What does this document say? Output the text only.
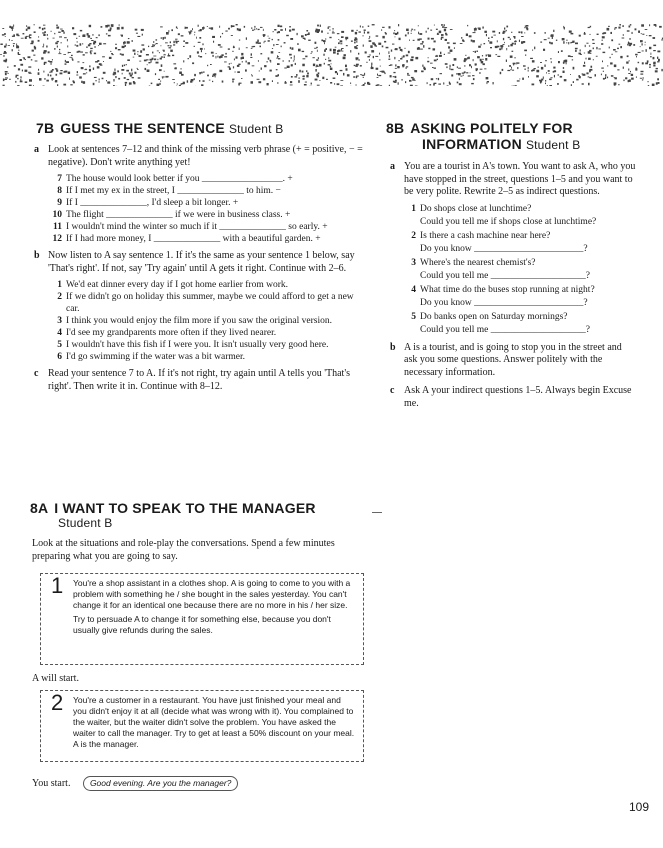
7B GUESS THE SENTENCE Student B
a Look at sentences 7–12 and think of the missing verb phrase (+ = positive, − = negative). Don't write anything yet!
7 The house would look better if you _________________. +
8 If I met my ex in the street, I ______________ to him. −
9 If I ______________, I'd sleep a bit longer. +
10 The flight ______________ if we were in business class. +
11 I wouldn't mind the winter so much if it ______________ so early. +
12 If I had more money, I ______________ with a beautiful garden. +
b Now listen to A say sentence 1. If it's the same as your sentence 1 below, say 'That's right'. If not, say 'Try again' until A gets it right. Continue with 2–6.
1 We'd eat dinner every day if I got home earlier from work.
2 If we didn't go on holiday this summer, maybe we could afford to get a new car.
3 I think you would enjoy the film more if you saw the original version.
4 I'd see my grandparents more often if they lived nearer.
5 I wouldn't have this fish if I were you. It isn't usually very good here.
6 I'd go swimming if the water was a bit warmer.
c Read your sentence 7 to A. If it's not right, try again until A tells you 'That's right'. Then write it in. Continue with 8–12.
8A I WANT TO SPEAK TO THE MANAGER
Student B
Look at the situations and role-play the conversations. Spend a few minutes preparing what you are going to say.
1 You're a shop assistant in a clothes shop. A is going to come to you with a problem with something he / she bought in the sales yesterday. You can't change it for an identical one because there are no more in his / her size.
Try to persuade A to change it for something else, because you don't usually give refunds during the sales.
A will start.
2 You're a customer in a restaurant. You have just finished your meal and you didn't enjoy it at all (decide what was wrong with it). You complained to the waiter, but the waiter didn't solve the problem. You have asked the waiter to call the manager. Try to get at least a 50% discount on your meal. A is the manager.
You start. Good evening. Are you the manager?
8B ASKING POLITELY FOR
INFORMATION Student B
a You are a tourist in A's town. You want to ask A, who you have stopped in the street, questions 1–5 and you want to be very polite. Rewrite 2–5 as indirect questions.
1 Do shops close at lunchtime?
Could you tell me if shops close at lunchtime?
2 Is there a cash machine near here?
Do you know _______________________?
3 Where's the nearest chemist's?
Could you tell me ____________________?
4 What time do the buses stop running at night?
Do you know _______________________?
5 Do banks open on Saturday mornings?
Could you tell me ____________________?
b A is a tourist, and is going to stop you in the street and ask you some questions. Answer politely with the necessary information.
c Ask A your indirect questions 1–5. Always begin Excuse me.
109
